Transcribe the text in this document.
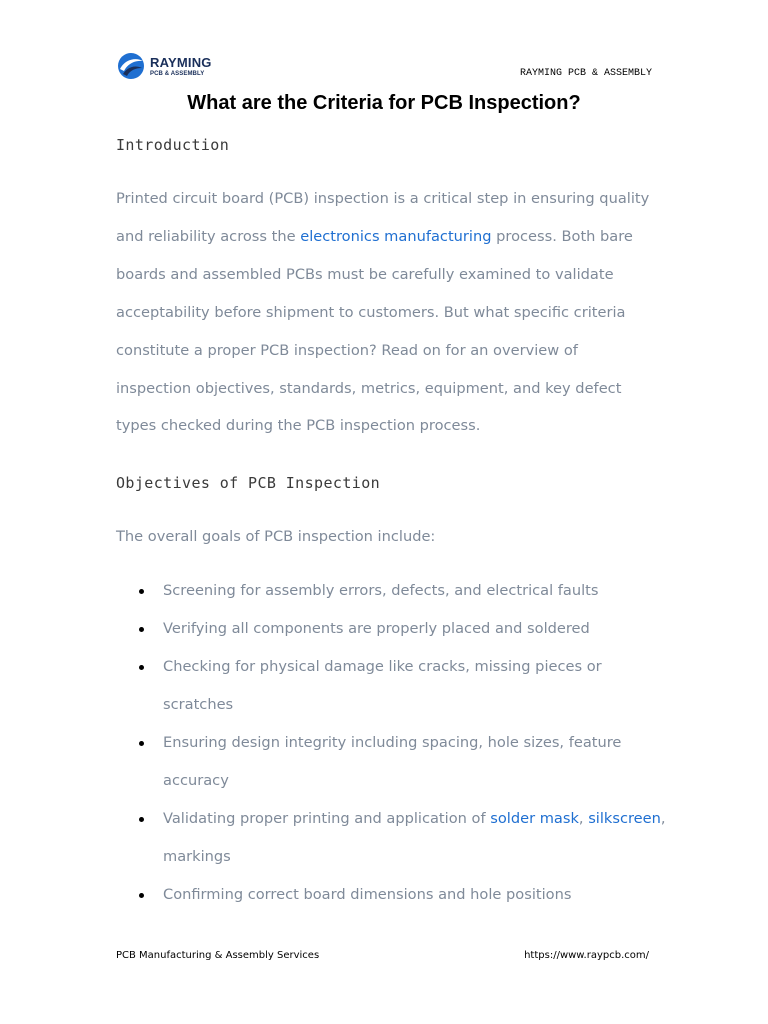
RAYMING
PCB & ASSEMBLY	RAYMING PCB & ASSEMBLY
What are the Criteria for PCB Inspection?
Introduction

Printed circuit board (PCB) inspection is a critical step in ensuring quality and reliability across the electronics manufacturing process. Both bare boards and assembled PCBs must be carefully examined to validate acceptability before shipment to customers. But what specific criteria constitute a proper PCB inspection? Read on for an overview of inspection objectives, standards, metrics, equipment, and key defect types checked during the PCB inspection process.

Objectives of PCB Inspection

The overall goals of PCB inspection include:

Screening for assembly errors, defects, and electrical faults
Verifying all components are properly placed and soldered
Checking for physical damage like cracks, missing pieces or scratches
Ensuring design integrity including spacing, hole sizes, feature accuracy
Validating proper printing and application of solder mask, silkscreen, markings
Confirming correct board dimensions and hole positions
PCB Manufacturing & Assembly Services	https://www.raypcb.com/
